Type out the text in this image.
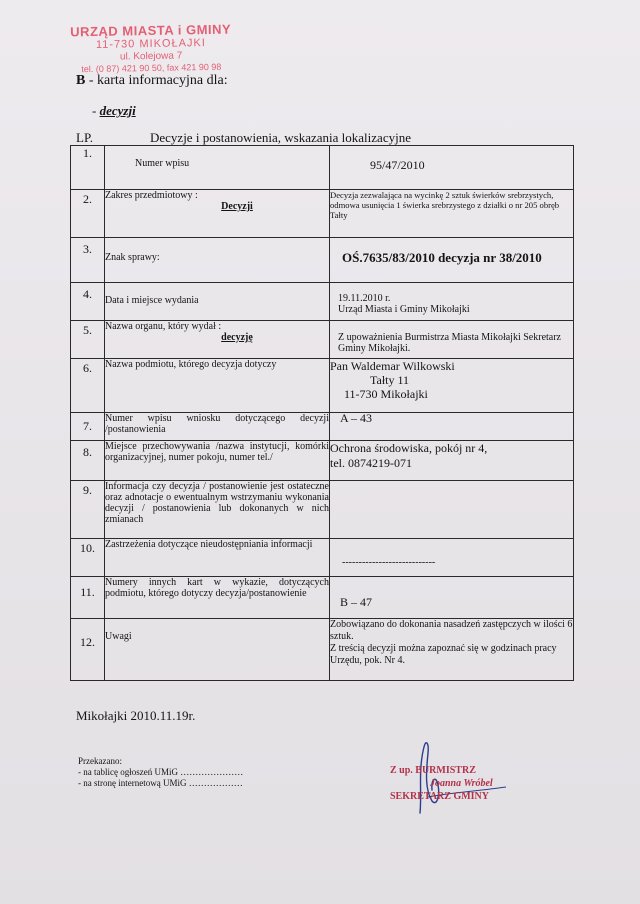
URZĄD MIASTA i GMINY
11-730 MIKOŁAJKI
ul. Kolejowa 7
tel. (0 87) 421 90 50, fax 421 90 98
B - karta informacyjna dla:
- decyzji
LP.	Decyzje i postanowienia, wskazania lokalizacyjne
1.	Numer wpisu	95/47/2010
2.	Zakres przedmiotowy :
Decyzji	Decyzja zezwalająca na wycinkę 2 sztuk świerków srebrzystych, odmowa usunięcia 1 świerka srebrzystego z działki o nr 205 obręb Tałty
3.	Znak sprawy:	OŚ.7635/83/2010 decyzja nr 38/2010
4.	Data i miejsce wydania	19.11.2010 r.
Urząd Miasta i Gminy Mikołajki

5.	Nazwa organu, który wydał :
decyzję	Z upoważnienia Burmistrza Miasta Mikołajki Sekretarz Gminy Mikołajki.
6.	Nazwa podmiotu, którego decyzja dotyczy	Pan Waldemar Wilkowski
Tałty 11
11-730 Mikołajki

7.	Numer wpisu wniosku dotyczącego decyzji /postanowienia	A – 43
8.	Miejsce przechowywania /nazwa instytucji, komórki organizacyjnej, numer pokoju, numer tel./	Ochrona środowiska, pokój nr 4,
tel. 0874219-071

9.	Informacja czy decyzja / postanowienie jest ostateczne oraz adnotacje o ewentualnym wstrzymaniu wykonania decyzji / postanowienia lub dokonanych w nich zmianach	
10.	Zastrzeżenia dotyczące nieudostępniania informacji	----------------------------
11.	Numery innych kart w wykazie, dotyczących podmiotu, którego dotyczy decyzja/postanowienie	B – 47
12.	Uwagi	Zobowiązano do dokonania nasadzeń zastępczych w ilości 6 sztuk.
Z treścią decyzji można zapoznać się w godzinach pracy Urzędu, pok. Nr 4.
Mikołajki 2010.11.19r.
Przekazano:
- na tablicę ogłoszeń UMiG …………………
- na stronę internetową UMiG ………………
Z up. BURMISTRZ
Joanna Wróbel
SEKRETARZ GMINY
